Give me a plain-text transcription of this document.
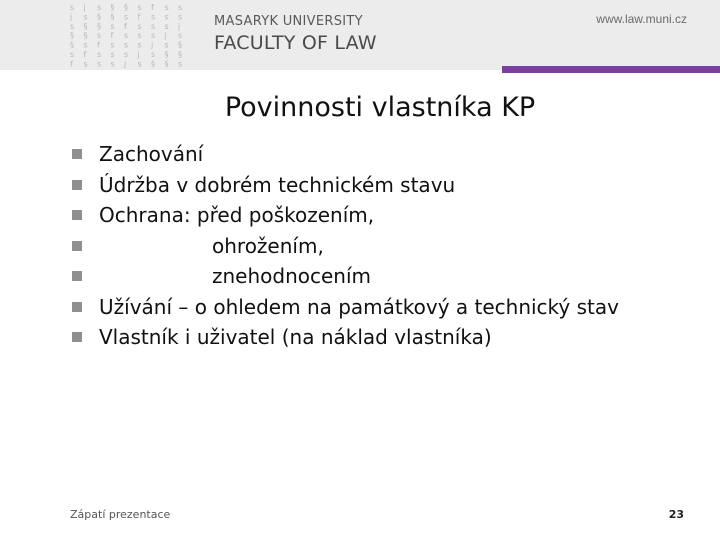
s j s § § s f s s
j s § § s f s s s
s § § s f s s s j
§ § s f s s s j s
§ s f s s s j s §
s f s s s j s § §
f s s s j s § § s
MASARYK UNIVERSITY
FACULTY OF LAW
www.law.muni.cz
Povinnosti vlastníka KP
Zachování
Údržba v dobrém technickém stavu
Ochrana: před poškozením,
ohrožením,
znehodnocením
Užívání – o ohledem na památkový a technický stav
Vlastník i uživatel (na náklad vlastníka)
Zápatí prezentace	23
